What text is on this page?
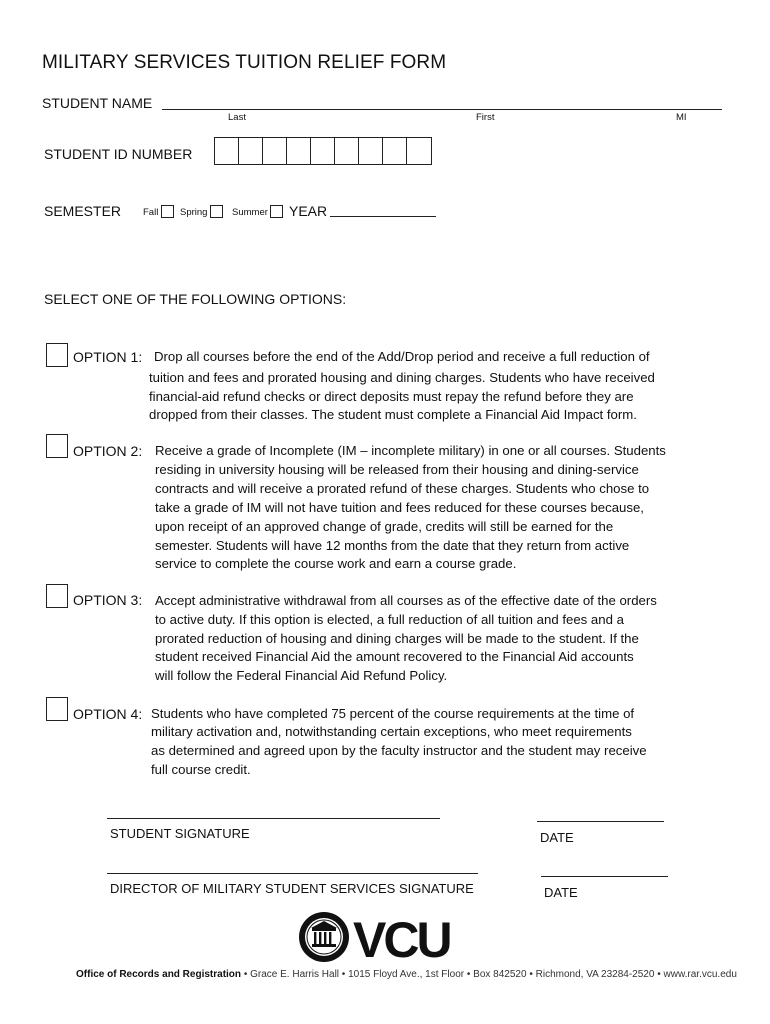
MILITARY SERVICES TUITION RELIEF FORM
STUDENT NAME
Last	First	MI
STUDENT ID NUMBER
SEMESTER Fall Spring	Summer YEAR
SELECT ONE OF THE FOLLOWING OPTIONS:
OPTION 1: Drop all courses before the end of the Add/Drop period and receive a full reduction of
tuition and fees and prorated housing and dining charges. Students who have received
financial-aid refund checks or direct deposits must repay the refund before they are
dropped from their classes. The student must complete a Financial Aid Impact form.
OPTION 2: Receive a grade of Incomplete (IM – incomplete military) in one or all courses. Students
residing in university housing will be released from their housing and dining-service
contracts and will receive a prorated refund of these charges. Students who chose to
take a grade of IM will not have tuition and fees reduced for these courses because,
upon receipt of an approved change of grade, credits will still be earned for the
semester. Students will have 12 months from the date that they return from active
service to complete the course work and earn a course grade.
OPTION 3: Accept administrative withdrawal from all courses as of the effective date of the orders
to active duty. If this option is elected, a full reduction of all tuition and fees and a
prorated reduction of housing and dining charges will be made to the student. If the
student received Financial Aid the amount recovered to the Financial Aid accounts
will follow the Federal Financial Aid Refund Policy.
OPTION 4: Students who have completed 75 percent of the course requirements at the time of
military activation and, notwithstanding certain exceptions, who meet requirements
as determined and agreed upon by the faculty instructor and the student may receive
full course credit.
STUDENT SIGNATURE	DATE
DIRECTOR OF MILITARY STUDENT SERVICES SIGNATURE	DATE
VCU
Office of Records and Registration • Grace E. Harris Hall • 1015 Floyd Ave., 1st Floor • Box 842520 • Richmond, VA 23284-2520 • www.rar.vcu.edu
